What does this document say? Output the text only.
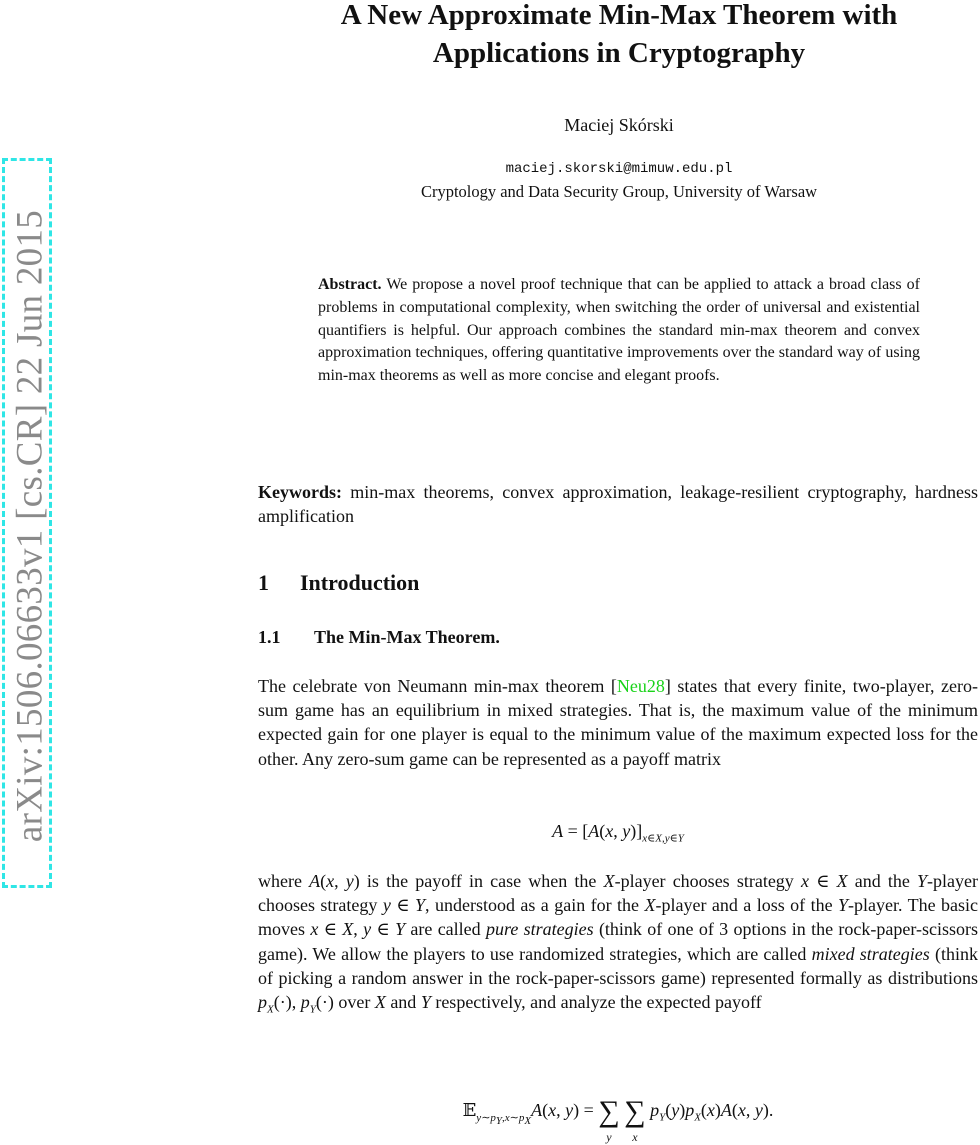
arXiv:1506.06633v1 [cs.CR] 22 Jun 2015
A New Approximate Min-Max Theorem with
Applications in Cryptography
Maciej Skórski
maciej.skorski@mimuw.edu.pl
Cryptology and Data Security Group, University of Warsaw
Abstract. We propose a novel proof technique that can be applied to attack a broad class of problems in computational complexity, when switching the order of universal and existential quantifiers is helpful. Our approach combines the standard min-max theorem and convex approximation techniques, offering quantitative improvements over the standard way of using min-max theorems as well as more concise and elegant proofs.
Keywords: min-max theorems, convex approximation, leakage-resilient cryptography, hardness amplification
1 Introduction
1.1 The Min-Max Theorem.
The celebrate von Neumann min-max theorem [Neu28] states that every finite, two-player, zero-sum game has an equilibrium in mixed strategies. That is, the maximum value of the minimum expected gain for one player is equal to the minimum value of the maximum expected loss for the other. Any zero-sum game can be represented as a payoff matrix
A = [A(x, $y)]_{x\in X,y\in Y}$
where A(x, y) is the payoff in case when the X-player chooses strategy x ∈ X and the Y-player chooses strategy y ∈ Y, understood as a gain for the X-player and a loss of the Y-player. The basic moves x ∈ X, y ∈ Y are called pure strategies (think of one of 3 options in the rock-paper-scissors game). We allow the players to use randomized strategies, which are called mixed strategies (think of picking a random answer in the rock-paper-scissors game) represented formally as distributions $p_X(\cdot)$, $p_Y(\cdot)$ over X and Y respectively, and analyze the expected payoff
𝔼$_{y\sim p_Y,x\sim p_X}$A(x, y) = ∑
y
∑
x
$p_Y(y)p_X(x)A(x$, y).
